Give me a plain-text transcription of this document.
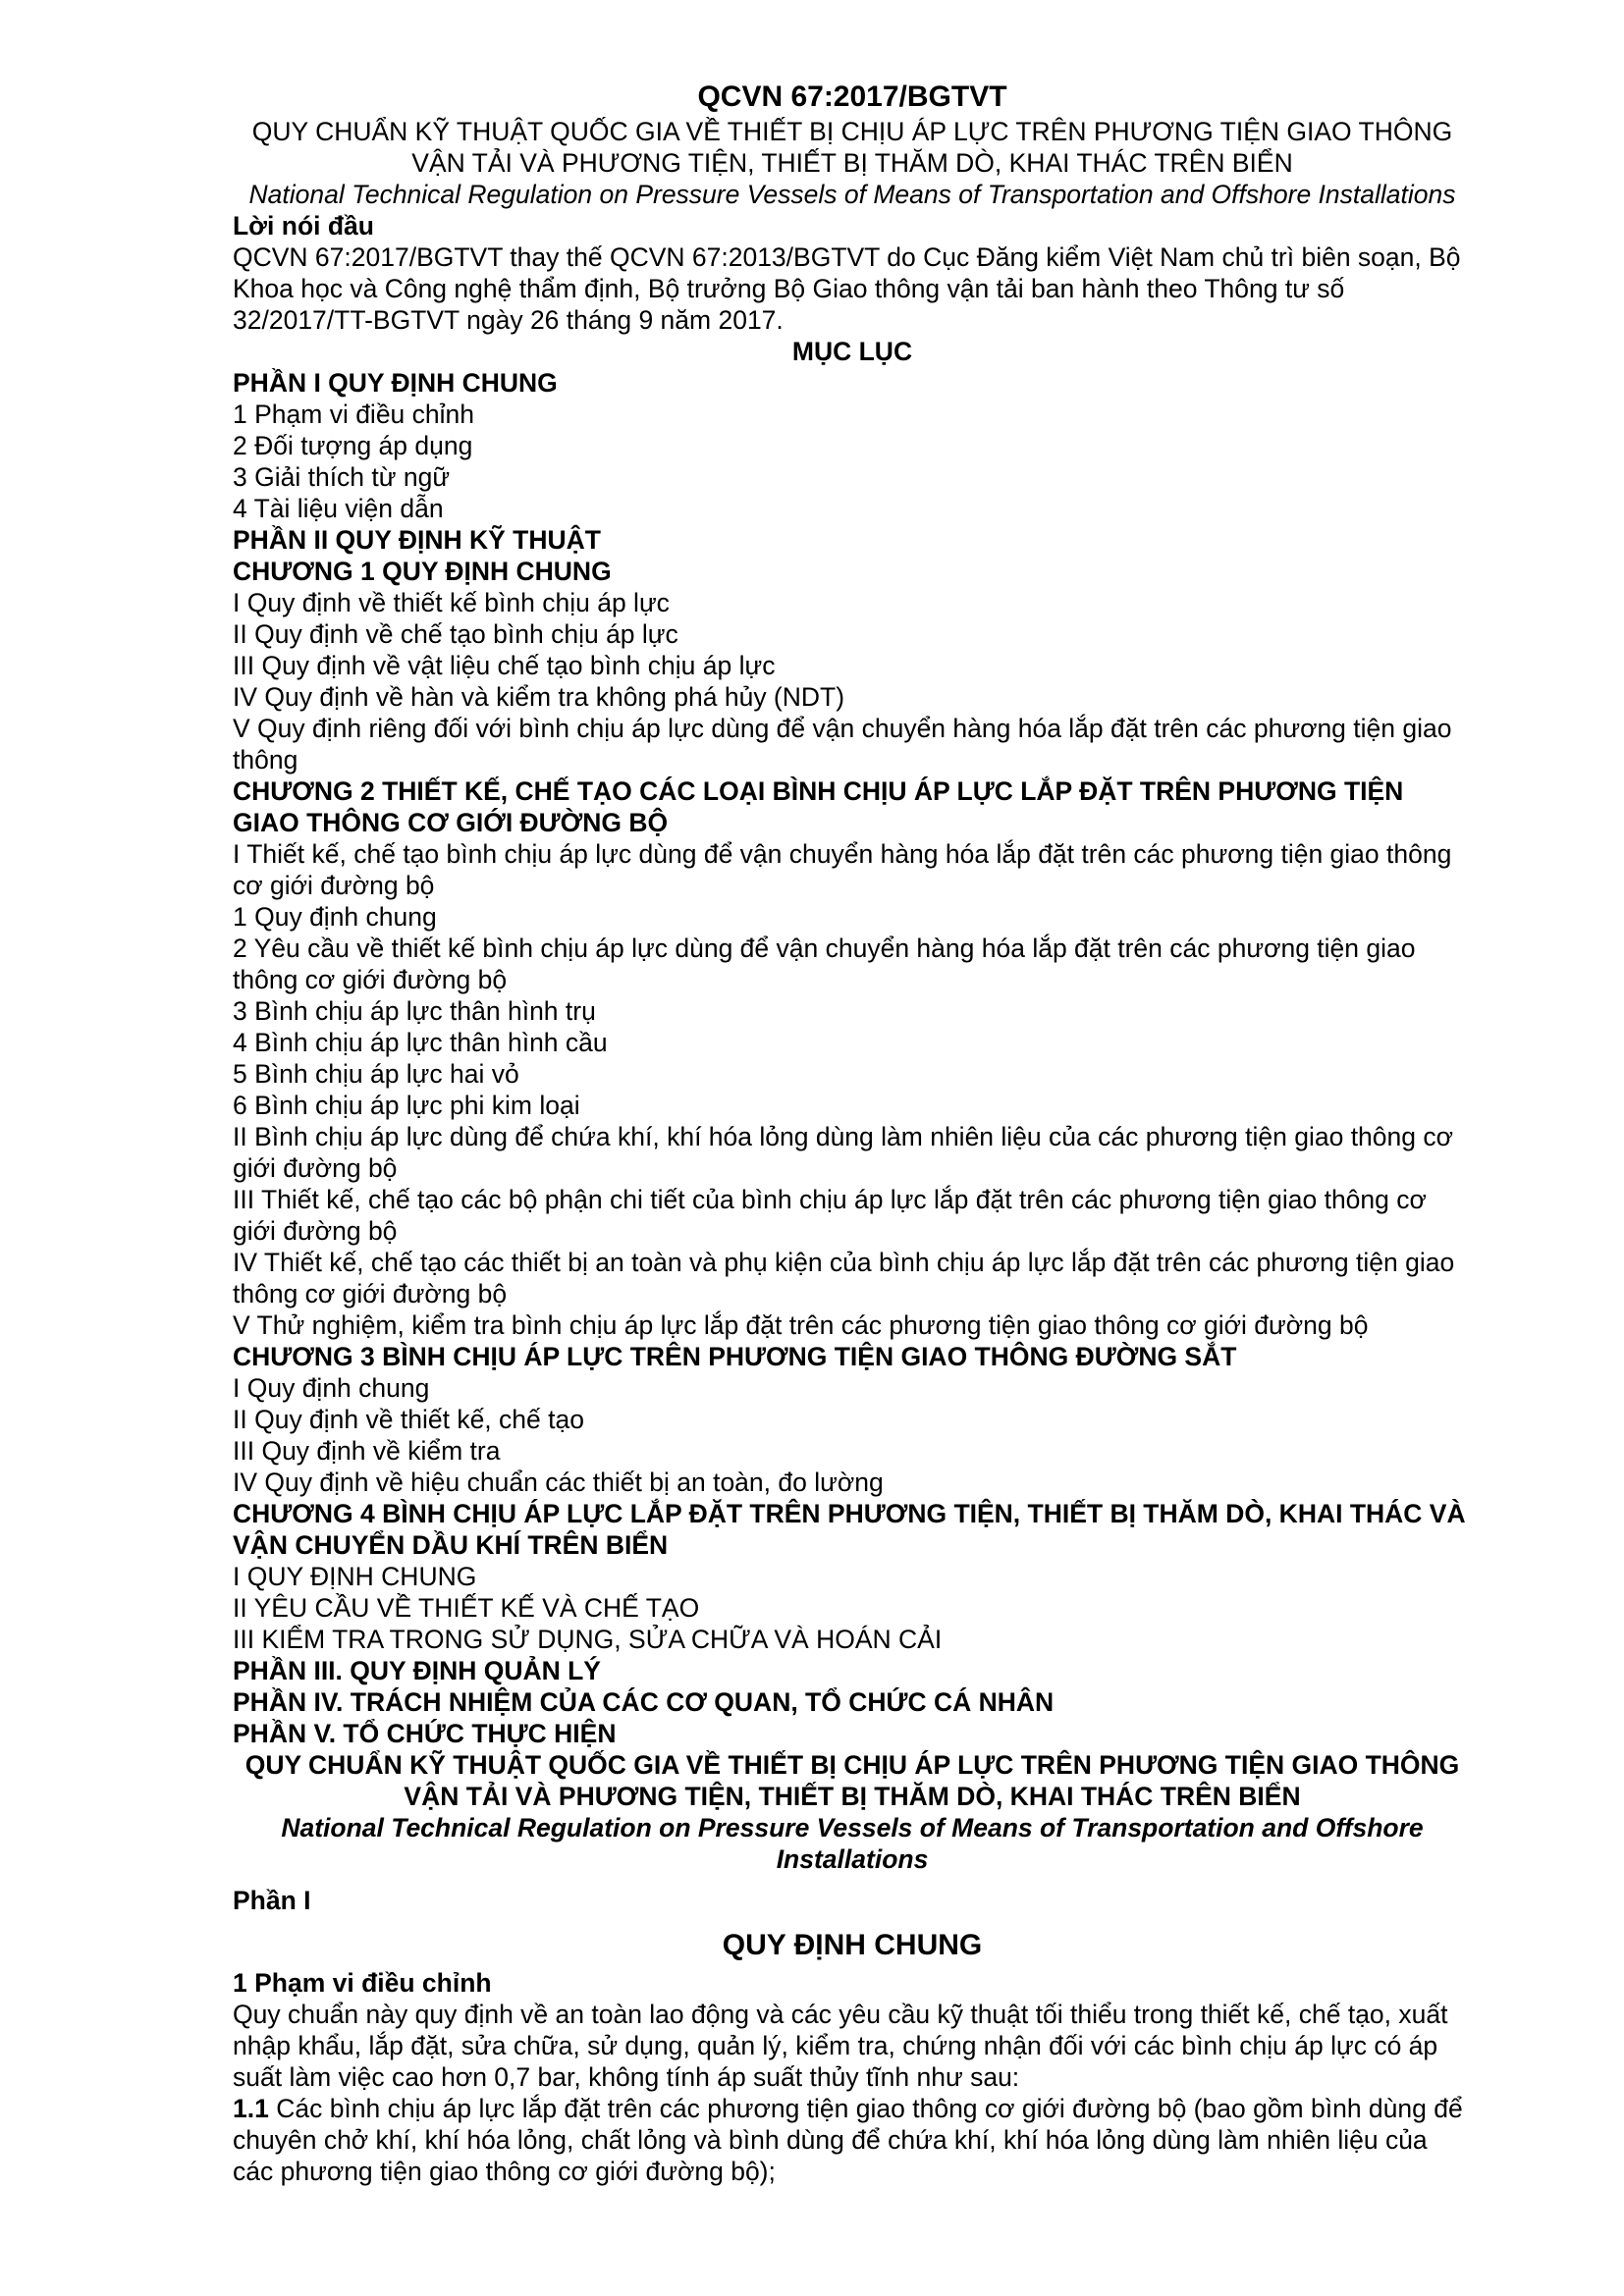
QCVN 67:2017/BGTVT
QUY CHUẨN KỸ THUẬT QUỐC GIA VỀ THIẾT BỊ CHỊU ÁP LỰC TRÊN PHƯƠNG TIỆN GIAO THÔNG VẬN TẢI VÀ PHƯƠNG TIỆN, THIẾT BỊ THĂM DÒ, KHAI THÁC TRÊN BIỂN
National Technical Regulation on Pressure Vessels of Means of Transportation and Offshore Installations
Lời nói đầu
QCVN 67:2017/BGTVT thay thế QCVN 67:2013/BGTVT do Cục Đăng kiểm Việt Nam chủ trì biên soạn, Bộ Khoa học và Công nghệ thẩm định, Bộ trưởng Bộ Giao thông vận tải ban hành theo Thông tư số 32/2017/TT-BGTVT ngày 26 tháng 9 năm 2017.
MỤC LỤC
PHẦN I QUY ĐỊNH CHUNG
1 Phạm vi điều chỉnh
2 Đối tượng áp dụng
3 Giải thích từ ngữ
4 Tài liệu viện dẫn
PHẦN II QUY ĐỊNH KỸ THUẬT
CHƯƠNG 1 QUY ĐỊNH CHUNG
I Quy định về thiết kế bình chịu áp lực
II Quy định về chế tạo bình chịu áp lực
III Quy định về vật liệu chế tạo bình chịu áp lực
IV Quy định về hàn và kiểm tra không phá hủy (NDT)
V Quy định riêng đối với bình chịu áp lực dùng để vận chuyển hàng hóa lắp đặt trên các phương tiện giao thông
CHƯƠNG 2 THIẾT KẾ, CHẾ TẠO CÁC LOẠI BÌNH CHỊU ÁP LỰC LẮP ĐẶT TRÊN PHƯƠNG TIỆN GIAO THÔNG CƠ GIỚI ĐƯỜNG BỘ
I Thiết kế, chế tạo bình chịu áp lực dùng để vận chuyển hàng hóa lắp đặt trên các phương tiện giao thông cơ giới đường bộ
1 Quy định chung
2 Yêu cầu về thiết kế bình chịu áp lực dùng để vận chuyển hàng hóa lắp đặt trên các phương tiện giao thông cơ giới đường bộ
3 Bình chịu áp lực thân hình trụ
4 Bình chịu áp lực thân hình cầu
5 Bình chịu áp lực hai vỏ
6 Bình chịu áp lực phi kim loại
II Bình chịu áp lực dùng để chứa khí, khí hóa lỏng dùng làm nhiên liệu của các phương tiện giao thông cơ giới đường bộ
III Thiết kế, chế tạo các bộ phận chi tiết của bình chịu áp lực lắp đặt trên các phương tiện giao thông cơ giới đường bộ
IV Thiết kế, chế tạo các thiết bị an toàn và phụ kiện của bình chịu áp lực lắp đặt trên các phương tiện giao thông cơ giới đường bộ
V Thử nghiệm, kiểm tra bình chịu áp lực lắp đặt trên các phương tiện giao thông cơ giới đường bộ
CHƯƠNG 3 BÌNH CHỊU ÁP LỰC TRÊN PHƯƠNG TIỆN GIAO THÔNG ĐƯỜNG SẮT
I Quy định chung
II Quy định về thiết kế, chế tạo
III Quy định về kiểm tra
IV Quy định về hiệu chuẩn các thiết bị an toàn, đo lường
CHƯƠNG 4 BÌNH CHỊU ÁP LỰC LẮP ĐẶT TRÊN PHƯƠNG TIỆN, THIẾT BỊ THĂM DÒ, KHAI THÁC VÀ VẬN CHUYỂN DẦU KHÍ TRÊN BIỂN
I QUY ĐỊNH CHUNG
II YÊU CẦU VỀ THIẾT KẾ VÀ CHẾ TẠO
III KIỂM TRA TRONG SỬ DỤNG, SỬA CHỮA VÀ HOÁN CẢI
PHẦN III. QUY ĐỊNH QUẢN LÝ
PHẦN IV. TRÁCH NHIỆM CỦA CÁC CƠ QUAN, TỔ CHỨC CÁ NHÂN
PHẦN V. TỔ CHỨC THỰC HIỆN
QUY CHUẨN KỸ THUẬT QUỐC GIA VỀ THIẾT BỊ CHỊU ÁP LỰC TRÊN PHƯƠNG TIỆN GIAO THÔNG VẬN TẢI VÀ PHƯƠNG TIỆN, THIẾT BỊ THĂM DÒ, KHAI THÁC TRÊN BIỂN
National Technical Regulation on Pressure Vessels of Means of Transportation and Offshore Installations
Phần I
QUY ĐỊNH CHUNG
1 Phạm vi điều chỉnh
Quy chuẩn này quy định về an toàn lao động và các yêu cầu kỹ thuật tối thiểu trong thiết kế, chế tạo, xuất nhập khẩu, lắp đặt, sửa chữa, sử dụng, quản lý, kiểm tra, chứng nhận đối với các bình chịu áp lực có áp suất làm việc cao hơn 0,7 bar, không tính áp suất thủy tĩnh như sau:
1.1 Các bình chịu áp lực lắp đặt trên các phương tiện giao thông cơ giới đường bộ (bao gồm bình dùng để chuyên chở khí, khí hóa lỏng, chất lỏng và bình dùng để chứa khí, khí hóa lỏng dùng làm nhiên liệu của các phương tiện giao thông cơ giới đường bộ);
